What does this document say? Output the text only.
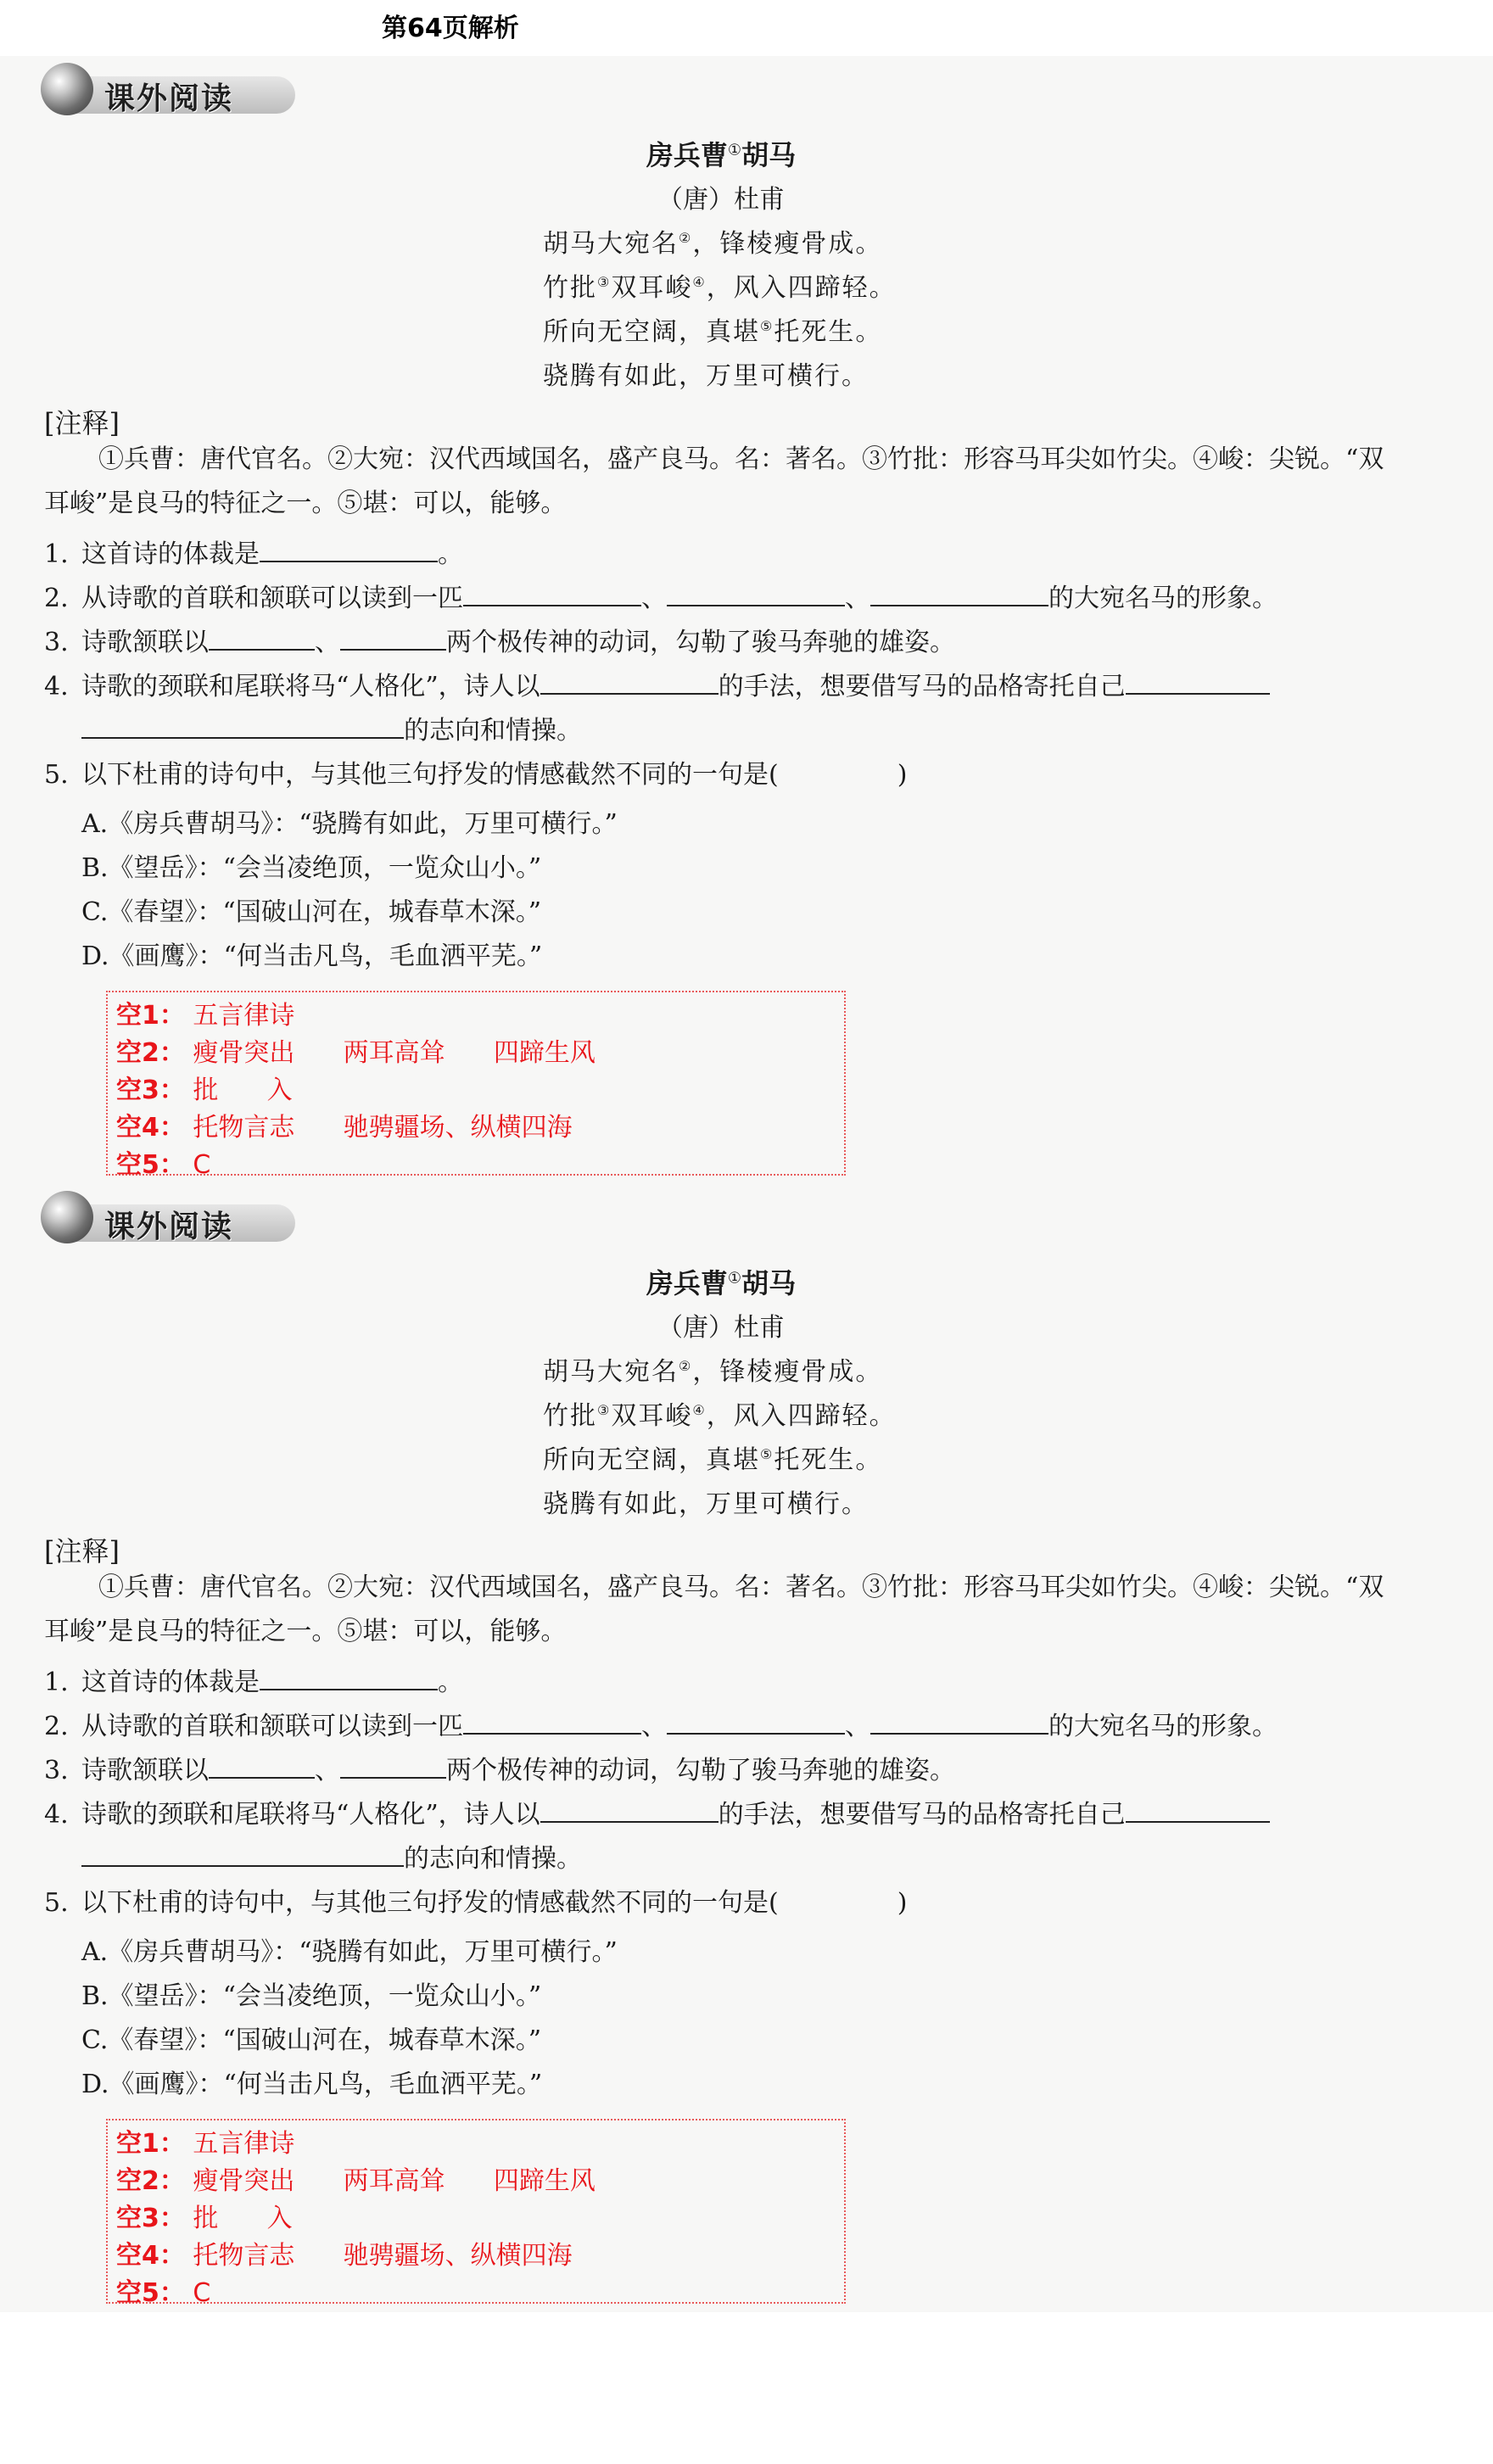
第64页解析
课外阅读
房兵曹①胡马
（唐）杜甫
胡马大宛名②，锋棱瘦骨成。
竹批③双耳峻④，风入四蹄轻。
所向无空阔，真堪⑤托死生。
骁腾有如此，万里可横行。
[注释]
①兵曹：唐代官名。②大宛：汉代西域国名，盛产良马。名：著名。③竹批：形容马耳尖如竹尖。④峻：尖锐。“双耳峻”是良马的特征之一。⑤堪：可以，能够。
1. 这首诗的体裁是	。
2. 从诗歌的首联和颔联可以读到一匹	、	、	的大宛名马的形象。
3. 诗歌颔联以	、	两个极传神的动词，勾勒了骏马奔驰的雄姿。
4. 诗歌的颈联和尾联将马“人格化”，诗人以	的手法，想要借写马的品格寄托自己
的志向和情操。
5. 以下杜甫的诗句中，与其他三句抒发的情感截然不同的一句是(	)
A.《房兵曹胡马》：“骁腾有如此，万里可横行。”
B.《望岳》：“会当凌绝顶，一览众山小。”
C.《春望》：“国破山河在，城春草木深。”
D.《画鹰》：“何当击凡鸟，毛血洒平芜。”
空1： 五言律诗
空2： 瘦骨突出      两耳高耸      四蹄生风
空3： 批      入
空4： 托物言志      驰骋疆场、纵横四海
空5： C
课外阅读
房兵曹①胡马
（唐）杜甫
胡马大宛名②，锋棱瘦骨成。
竹批③双耳峻④，风入四蹄轻。
所向无空阔，真堪⑤托死生。
骁腾有如此，万里可横行。
[注释]
①兵曹：唐代官名。②大宛：汉代西域国名，盛产良马。名：著名。③竹批：形容马耳尖如竹尖。④峻：尖锐。“双耳峻”是良马的特征之一。⑤堪：可以，能够。
1. 这首诗的体裁是	。
2. 从诗歌的首联和颔联可以读到一匹	、	、	的大宛名马的形象。
3. 诗歌颔联以	、	两个极传神的动词，勾勒了骏马奔驰的雄姿。
4. 诗歌的颈联和尾联将马“人格化”，诗人以	的手法，想要借写马的品格寄托自己
的志向和情操。
5. 以下杜甫的诗句中，与其他三句抒发的情感截然不同的一句是(	)
A.《房兵曹胡马》：“骁腾有如此，万里可横行。”
B.《望岳》：“会当凌绝顶，一览众山小。”
C.《春望》：“国破山河在，城春草木深。”
D.《画鹰》：“何当击凡鸟，毛血洒平芜。”
空1： 五言律诗
空2： 瘦骨突出      两耳高耸      四蹄生风
空3： 批      入
空4： 托物言志      驰骋疆场、纵横四海
空5： C
